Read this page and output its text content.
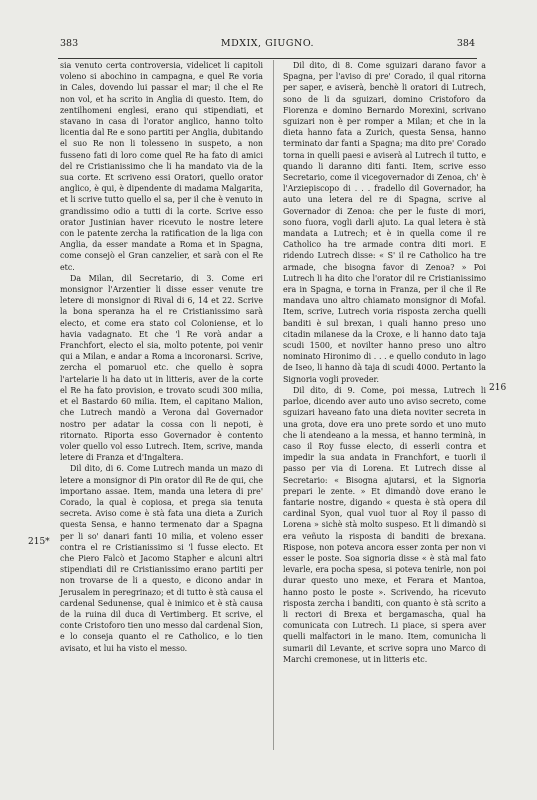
383	MDXIX, GIUGNO.	384

sia venuto certa controversia, videlicet li capitoli voleno si abochino in campagna, e quel Re voria in Cales, dovendo lui passar el mar; il che el Re non vol, et ha scrito in Anglia di questo. Item, do zentilhomeni englesi, erano qui stipendiati, et stavano in casa di l'orator anglico, hanno tolto licentia dal Re e sono partiti per Anglia, dubitando el suo Re non li tolesseno in suspeto, a non fusseno fati di loro come quel Re ha fato di amici del re Cristianissimo che li ha mandato via de la sua corte. Et scriveno essi Oratori, quello orator anglico, è qui, è dipendente di madama Malgarita, et li scrive tutto quello el sa, per il che è venuto in grandissimo odio a tutti di la corte. Scrive esso orator Justinian haver ricevuto le nostre letere con le patente zercha la ratification de la liga con Anglia, da esser mandate a Roma et in Spagna, come consejò el Gran canzelier, et sarà con el Re etc.

Da Milan, dil Secretario, di 3. Come eri monsignor l'Arzentier li disse esser venute tre letere di monsignor di Rival di 6, 14 et 22. Scrive la bona speranza ha el re Cristianissimo sarà electo, et come era stato col Coloniense, et lo havia vadagnato. Et che 'l Re vorà andar a Franchfort, electo el sia, molto potente, poi venir qui a Milan, e andar a Roma a incoronarsi. Scrive, zercha el pomaruol etc. che quello è sopra l'artelarie li ha dato ut in litteris, aver de la corte el Re ha fato provision, e trovato scudi 300 milia, et el Bastardo 60 milia. Item, el capitano Malion, che Lutrech mandò a Verona dal Governador nostro per adatar la cossa con li nepoti, è ritornato. Riporta esso Governador è contento voler quello vol esso Lutrech. Item, scrive, manda letere di Franza et d'Ingaltera.

Dil dito, di 6. Come Lutrech manda un mazo di letere a monsignor di Pin orator dil Re de qui, che importano assae. Item, manda una letera di pre' Corado, la qual è copiosa, et prega sia tenuta secreta. Aviso come è stà fata una dieta a Zurich questa Sensa, e hanno termenato dar a Spagna per li so' danari fanti 10 milia, et voleno esser contra el re Cristianissimo si 'l fusse electo. Et che Piero Falcò et Jacomo Stapher e alcuni altri stipendiati dil re Cristianissimo erano partiti per non trovarse de li a questo, e dicono andar in Jerusalem in peregrinazo; et di tutto è stà causa el cardenal Sedunense, qual è inimico et è stà causa de la ruina dil duca di Vertimberg. Et scrive, el conte Cristoforo tien uno messo dal cardenal Sion, e lo conseja quanto el re Catholico, e lo tien avisato, et lui ha visto el messo.

Dil dito, di 8. Come sguizari darano favor a Spagna, per l'aviso di pre' Corado, il qual ritorna per saper, e aviserà, benchè li oratori di Lutrech, sono de li da sguizari, domino Cristoforo da Fiorenza e domino Bernardo Morexini, scrivano sguizari non è per romper a Milan; et che in la dieta hanno fata a Zurich, questa Sensa, hanno terminato dar fanti a Spagna; ma dito pre' Corado torna in quelli paesi e aviserà al Lutrech il tutto, e quando li daranno diti fanti. Item, scrive esso Secretario, come il vicegovernador di Zenoa, ch' è l'Arziepiscopo di . . . fradello dil Governador, ha auto una letera del re di Spagna, scrive al Governador di Zenoa: che per le fuste di mori, sono fuora, vogli darli ajuto. La qual letera è stà mandata a Lutrech; et è in quella come il re Catholico ha tre armade contra diti mori. E ridendo Lutrech disse: « S' il re Catholico ha tre armade, che bisogna favor di Zenoa? » Poi Lutrech li ha dito che l'orator dil re Cristianissimo era in Spagna, e torna in Franza, per il che il Re mandava uno altro chiamato monsignor di Mofal. Item, scrive, Lutrech voria risposta zercha quelli banditi è sul brexan, i quali hanno preso uno citadin milanese da la Croxe, e li hanno dato taja scudi 1500, et novilter hanno preso uno altro nominato Hironimo di . . . e quello conduto in lago de Iseo, li hanno dà taja di scudi 4000. Pertanto la Signoria vogli proveder.

Dil dito, di 9. Come, poi messa, Lutrech li parloe, dicendo aver auto uno aviso secreto, come sguizari haveano fato una dieta noviter secreta in una grota, dove era uno prete sordo et uno muto che li atendeano a la messa, et hanno terminà, in caso il Roy fusse electo, di esserli contra et impedir la sua andata in Franchfort, e tuorli il passo per via di Lorena. Et Lutrech disse al Secretario: « Bisogna ajutarsi, et la Signoria prepari le zente. » Et dimandò dove erano le fantarie nostre, digando « questa è stà opera dil cardinal Syon, qual vuol tuor al Roy il passo di Lorena » sichè stà molto suspeso. Et li dimandò si era veñuto la risposta di banditi de brexana. Rispose, non poteva ancora esser zonta per non vi esser le poste. Soa signoria disse « è stà mal fato levarle, era pocha spesa, si poteva tenirle, non poi durar questo uno mexe, et Ferara et Mantoa, hanno posto le poste ». Scrivendo, ha ricevuto risposta zercha i banditi, con quanto è stà scrito a li rectori di Brexa et bergamascha, qual ha comunicata con Lutrech. Li piace, si spera aver quelli malfactori in le mano. Item, comunicha li sumarii dil Levante, et scrive sopra uno Marco di Marchi cremonese, ut in litteris etc.

215*
216
